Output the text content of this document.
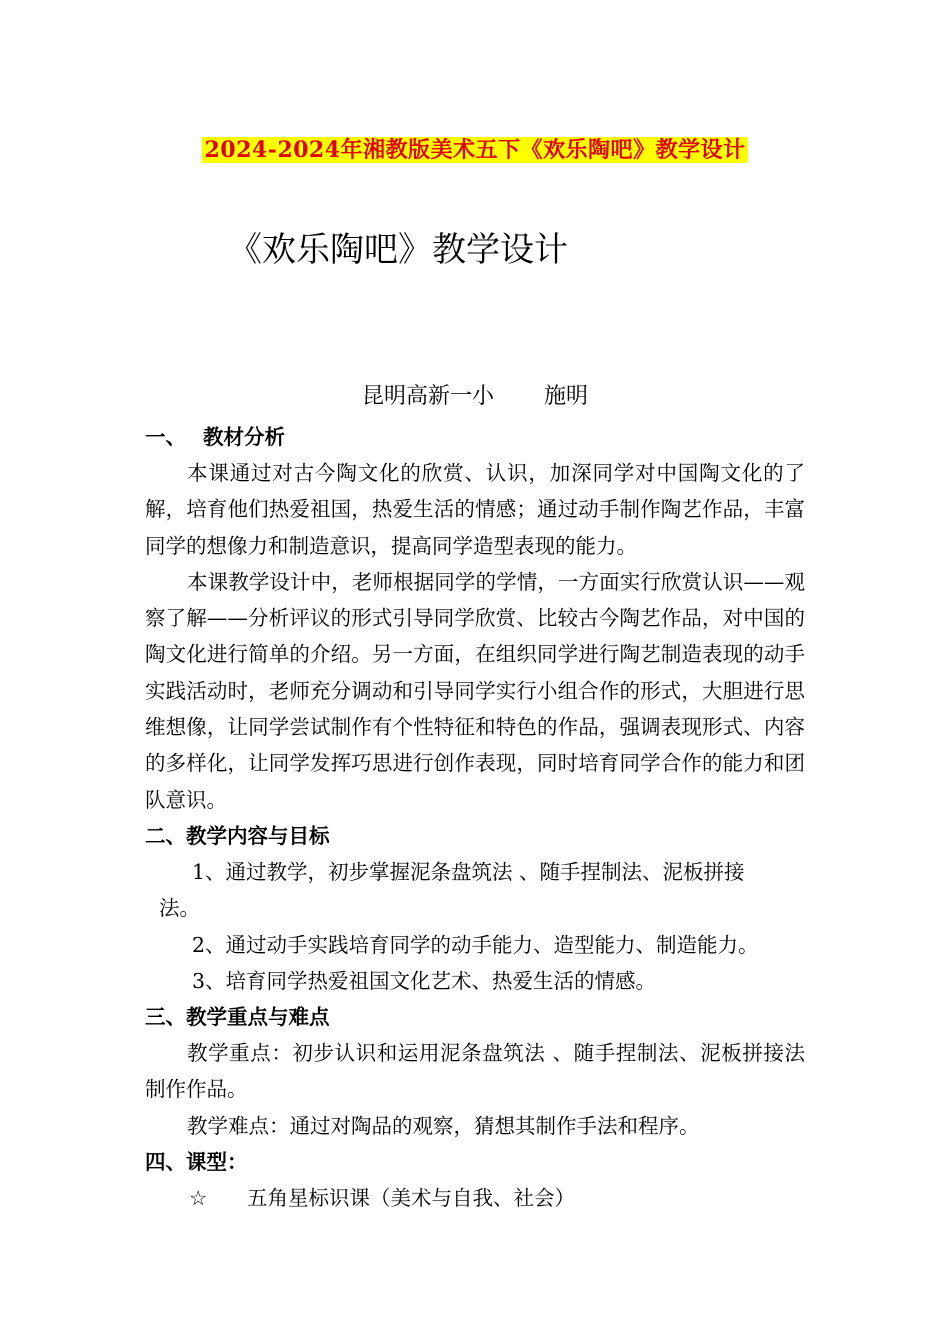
2024-2024年湘教版美术五下《欢乐陶吧》教学设计
《欢乐陶吧》教学设计
昆明高新一小 施明
一、 教材分析

本课通过对古今陶文化的欣赏、认识，加深同学对中国陶文化的了解，培育他们热爱祖国，热爱生活的情感；通过动手制作陶艺作品，丰富同学的想像力和制造意识，提高同学造型表现的能力。

本课教学设计中，老师根据同学的学情，一方面实行欣赏认识——观察了解——分析评议的形式引导同学欣赏、比较古今陶艺作品，对中国的陶文化进行简单的介绍。另一方面，在组织同学进行陶艺制造表现的动手实践活动时，老师充分调动和引导同学实行小组合作的形式，大胆进行思维想像，让同学尝试制作有个性特征和特色的作品，强调表现形式、内容的多样化，让同学发挥巧思进行创作表现，同时培育同学合作的能力和团队意识。

二、教学内容与目标
1、通过教学，初步掌握泥条盘筑法 、随手捏制法、泥板拼接
法。
2、通过动手实践培育同学的动手能力、造型能力、制造能力。
3、培育同学热爱祖国文化艺术、热爱生活的情感。
三、教学重点与难点

教学重点：初步认识和运用泥条盘筑法 、随手捏制法、泥板拼接法制作作品。

教学难点：通过对陶品的观察，猜想其制作手法和程序。

四、课型：
☆ 五角星标识课（美术与自我、社会）
